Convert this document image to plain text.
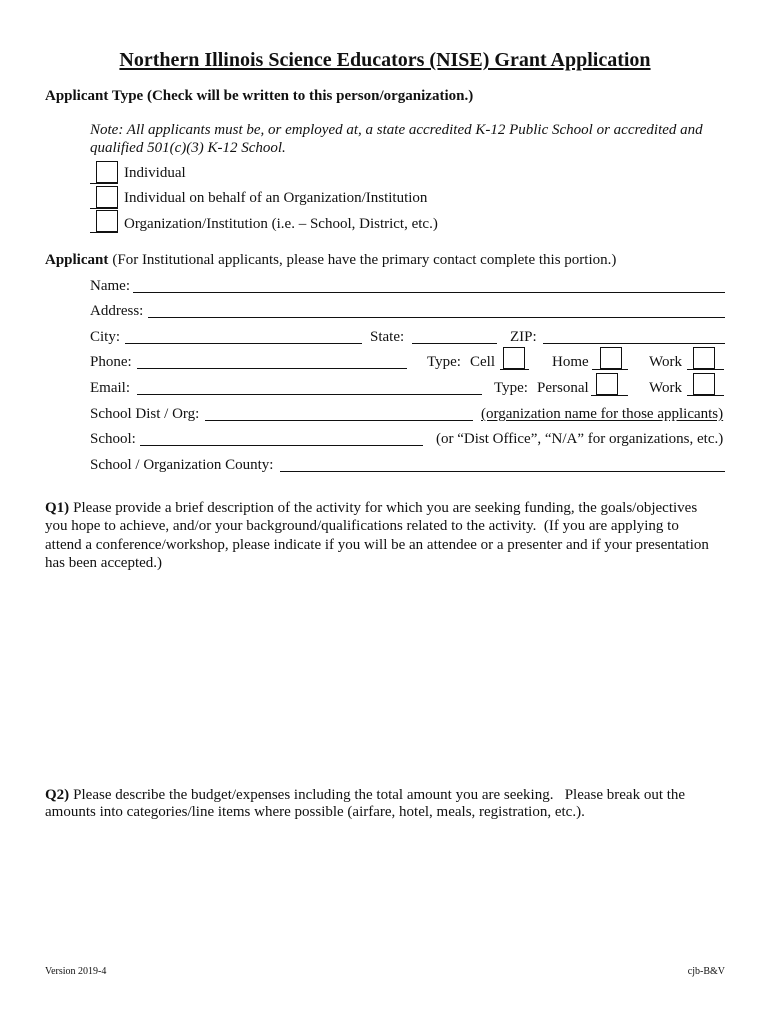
Northern Illinois Science Educators (NISE) Grant Application
Applicant Type (Check will be written to this person/organization.)
Note: All applicants must be, or employed at, a state accredited K-12 Public School or accredited and
qualified 501(c)(3) K-12 School.
Individual
Individual on behalf of an Organization/Institution
Organization/Institution (i.e. – School, District, etc.)
Applicant (For Institutional applicants, please have the primary contact complete this portion.)
Name:
Address:
City:	State:	ZIP:
Phone:	Type: Cell	Home	Work
Email:	Type: Personal	Work
School Dist / Org:	(organization name for those applicants)
School:	(or “Dist Office”, “N/A” for organizations, etc.)
School / Organization County:
Q1) Please provide a brief description of the activity for which you are seeking funding, the goals/objectives
you hope to achieve, and/or your background/qualifications related to the activity.  (If you are applying to
attend a conference/workshop, please indicate if you will be an attendee or a presenter and if your presentation
has been accepted.)
Q2) Please describe the budget/expenses including the total amount you are seeking.   Please break out the
amounts into categories/line items where possible (airfare, hotel, meals, registration, etc.).
Version 2019-4	cjb-B&V
